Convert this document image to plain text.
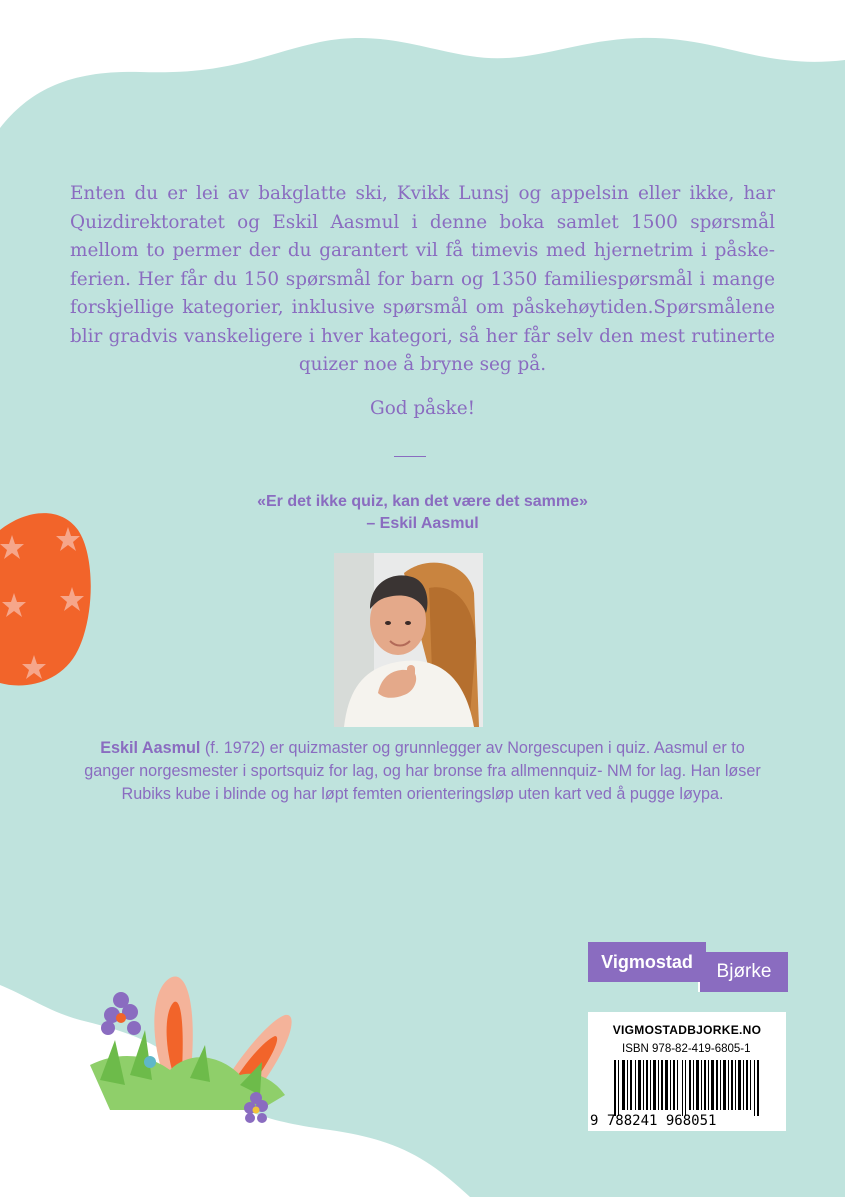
Enten du er lei av bakglatte ski, Kvikk Lunsj og appelsin eller ikke, har Quizdirektoratet og Eskil Aasmul i denne boka samlet 1500 spørsmål mellom to permer der du garantert vil få timevis med hjernetrim i påske-ferien. Her får du 150 spørsmål for barn og 1350 familiespørsmål i mange forskjellige kategorier, inklusive spørsmål om påskehøytiden.Spørsmålene blir gradvis vanskeligere i hver kategori, så her får selv den mest rutinerte quizer noe å bryne seg på.

God påske!

«Er det ikke quiz, kan det være det samme»
– Eskil Aasmul

Eskil Aasmul (f. 1972) er quizmaster og grunnlegger av Norgescupen i quiz. Aasmul er to ganger norgesmester i sportsquiz for lag, og har bronse fra allmennquiz- NM for lag. Han løser Rubiks kube i blinde og har løpt femten orienteringsløp uten kart ved å pugge løypa.

Bjørke
Vigmostad
VIGMOSTADBJORKE.NO
ISBN 978-82-419-6805-1
9 788241 968051
